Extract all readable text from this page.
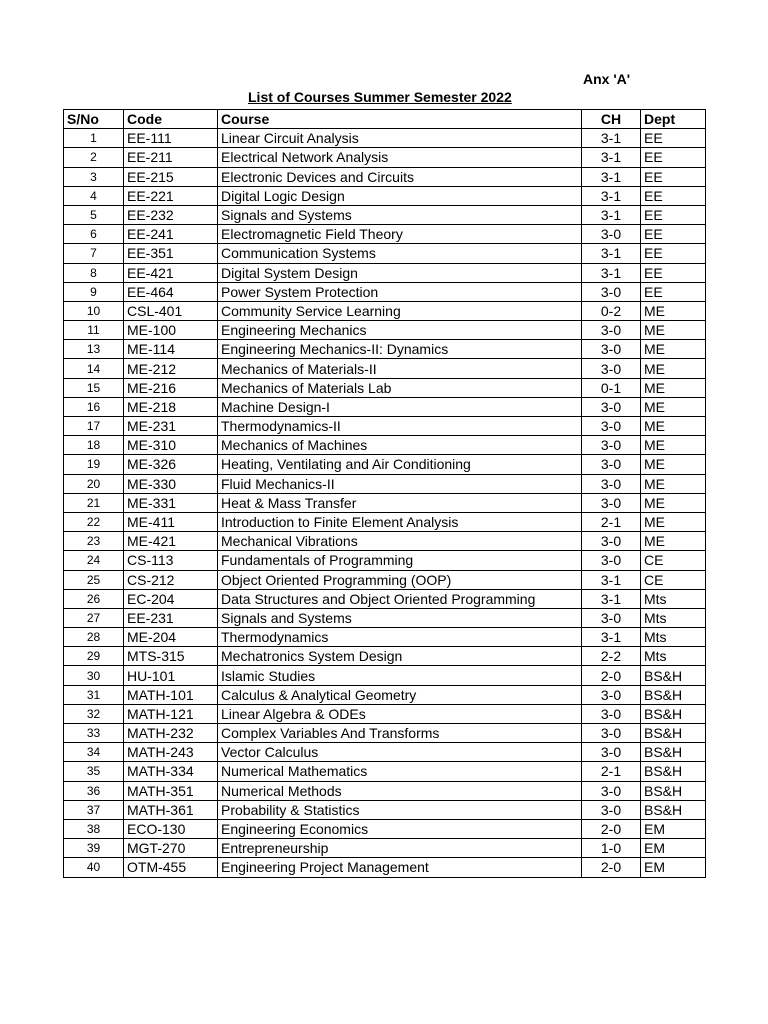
Anx 'A'
List of Courses Summer Semester 2022
S/No	Code	Course	CH	Dept
1	EE-111	Linear Circuit Analysis	3-1	EE
2	EE-211	Electrical Network Analysis	3-1	EE
3	EE-215	Electronic Devices and Circuits	3-1	EE
4	EE-221	Digital Logic Design	3-1	EE
5	EE-232	Signals and Systems	3-1	EE
6	EE-241	Electromagnetic Field Theory	3-0	EE
7	EE-351	Communication Systems	3-1	EE
8	EE-421	Digital System Design	3-1	EE
9	EE-464	Power System Protection	3-0	EE
10	CSL-401	Community Service Learning	0-2	ME
11	ME-100	Engineering Mechanics	3-0	ME
13	ME-114	Engineering Mechanics-II: Dynamics	3-0	ME
14	ME-212	Mechanics of Materials-II	3-0	ME
15	ME-216	Mechanics of Materials Lab	0-1	ME
16	ME-218	Machine Design-I	3-0	ME
17	ME-231	Thermodynamics-II	3-0	ME
18	ME-310	Mechanics of Machines	3-0	ME
19	ME-326	Heating, Ventilating and Air Conditioning	3-0	ME
20	ME-330	Fluid Mechanics-II	3-0	ME
21	ME-331	Heat & Mass Transfer	3-0	ME
22	ME-411	Introduction to Finite Element Analysis	2-1	ME
23	ME-421	Mechanical Vibrations	3-0	ME
24	CS-113	Fundamentals of Programming	3-0	CE
25	CS-212	Object Oriented Programming (OOP)	3-1	CE
26	EC-204	Data Structures and Object Oriented Programming	3-1	Mts
27	EE-231	Signals and Systems	3-0	Mts
28	ME-204	Thermodynamics	3-1	Mts
29	MTS-315	Mechatronics System Design	2-2	Mts
30	HU-101	Islamic Studies	2-0	BS&H
31	MATH-101	Calculus & Analytical Geometry	3-0	BS&H
32	MATH-121	Linear Algebra & ODEs	3-0	BS&H
33	MATH-232	Complex Variables And Transforms	3-0	BS&H
34	MATH-243	Vector Calculus	3-0	BS&H
35	MATH-334	Numerical Mathematics	2-1	BS&H
36	MATH-351	Numerical Methods	3-0	BS&H
37	MATH-361	Probability & Statistics	3-0	BS&H
38	ECO-130	Engineering Economics	2-0	EM
39	MGT-270	Entrepreneurship	1-0	EM
40	OTM-455	Engineering Project Management	2-0	EM
